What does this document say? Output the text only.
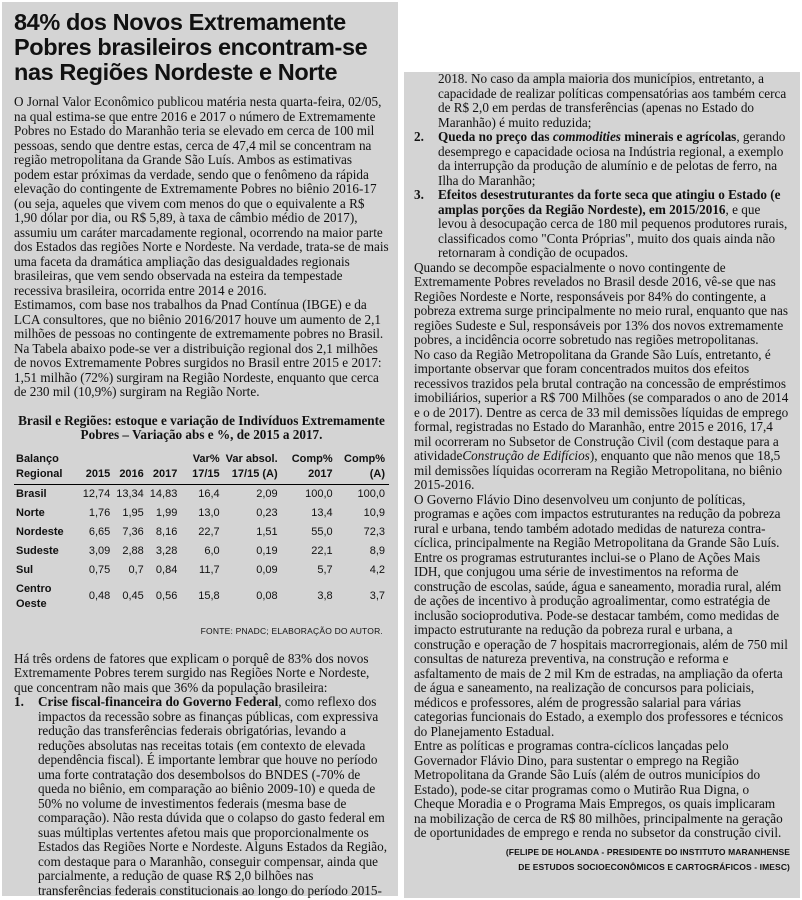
84% dos Novos Extremamente Pobres brasileiros encontram-se nas Regiões Nordeste e Norte

O Jornal Valor Econômico publicou matéria nesta quarta-feira, 02/05, na qual estima-se que entre 2016 e 2017 o número de Extremamente Pobres no Estado do Maranhão teria se elevado em cerca de 100 mil pessoas, sendo que dentre estas, cerca de 47,4 mil se concentram na região metropolitana da Grande São Luís. Ambos as estimativas podem estar próximas da verdade, sendo que o fenômeno da rápida elevação do contingente de Extremamente Pobres no biênio 2016-17 (ou seja, aqueles que vivem com menos do que o equivalente a R$ 1,90 dólar por dia, ou R$ 5,89, à taxa de câmbio médio de 2017), assumiu um caráter marcadamente regional, ocorrendo na maior parte dos Estados das regiões Norte e Nordeste. Na verdade, trata-se de mais uma faceta da dramática ampliação das desigualdades regionais brasileiras, que vem sendo observada na esteira da tempestade recessiva brasileira, ocorrida entre 2014 e 2016.

Estimamos, com base nos trabalhos da Pnad Contínua (IBGE) e da LCA consultores, que no biênio 2016/2017 houve um aumento de 2,1 milhões de pessoas no contingente de extremamente pobres no Brasil. Na Tabela abaixo pode-se ver a distribuição regional dos 2,1 milhões de novos Extremamente Pobres surgidos no Brasil entre 2015 e 2017: 1,51 milhão (72%) surgiram na Região Nordeste, enquanto que cerca de 230 mil (10,9%) surgiram na Região Norte.

Brasil e Regiões: estoque e variação de Indivíduos Extremamente Pobres – Variação abs e %, de 2015 a 2017.
Balanço Regional	2015	2016	2017	Var% 17/15	Var absol. 17/15 (A)	Comp% 2017	Comp% (A)
Brasil	12,74	13,34	14,83	16,4	2,09	100,0	100,0
Norte	1,76	1,95	1,99	13,0	0,23	13,4	10,9
Nordeste	6,65	7,36	8,16	22,7	1,51	55,0	72,3
Sudeste	3,09	2,88	3,28	6,0	0,19	22,1	8,9
Sul	0,75	0,7	0,84	11,7	0,09	5,7	4,2
Centro Oeste	0,48	0,45	0,56	15,8	0,08	3,8	3,7
FONTE: PNADC; ELABORAÇÃO DO AUTOR.

Há três ordens de fatores que explicam o porquê de 83% dos novos Extremamente Pobres terem surgido nas Regiões Norte e Nordeste, que concentram não mais que 36% da população brasileira:

1. Crise fiscal-financeira do Governo Federal, como reflexo dos impactos da recessão sobre as finanças públicas, com expressiva redução das transferências federais obrigatórias, levando a reduções absolutas nas receitas totais (em contexto de elevada dependência fiscal). É importante lembrar que houve no período uma forte contratação dos desembolsos do BNDES (-70% de queda no biênio, em comparação ao biênio 2009-10) e queda de 50% no volume de investimentos federais (mesma base de comparação). Não resta dúvida que o colapso do gasto federal em suas múltiplas vertentes afetou mais que proporcionalmente os Estados das Regiões Norte e Nordeste. Alguns Estados da Região, com destaque para o Maranhão, conseguir compensar, ainda que parcialmente, a redução de quase R$ 2,0 bilhões nas transferências federais constitucionais ao longo do período 2015-
2018. No caso da ampla maioria dos municípios, entretanto, a capacidade de realizar políticas compensatórias aos também cerca de R$ 2,0 em perdas de transferências (apenas no Estado do Maranhão) é muito reduzida;
2. Queda no preço das commodities minerais e agrícolas, gerando desemprego e capacidade ociosa na Indústria regional, a exemplo da interrupção da produção de alumínio e de pelotas de ferro, na Ilha do Maranhão;
3. Efeitos desestruturantes da forte seca que atingiu o Estado (e amplas porções da Região Nordeste), em 2015/2016, e que levou à desocupação cerca de 180 mil pequenos produtores rurais, classificados como "Conta Próprias", muito dos quais ainda não retornaram à condição de ocupados.

Quando se decompõe espacialmente o novo contingente de Extremamente Pobres revelados no Brasil desde 2016, vê-se que nas Regiões Nordeste e Norte, responsáveis por 84% do contingente, a pobreza extrema surge principalmente no meio rural, enquanto que nas regiões Sudeste e Sul, responsáveis por 13% dos novos extremamente pobres, a incidência ocorre sobretudo nas regiões metropolitanas.

No caso da Região Metropolitana da Grande São Luís, entretanto, é importante observar que foram concentrados muitos dos efeitos recessivos trazidos pela brutal contração na concessão de empréstimos imobiliários, superior a R$ 700 Milhões (se comparados o ano de 2014 e o de 2017). Dentre as cerca de 33 mil demissões líquidas de emprego formal, registradas no Estado do Maranhão, entre 2015 e 2016, 17,4 mil ocorreram no Subsetor de Construção Civil (com destaque para a atividadeConstrução de Edifícios), enquanto que não menos que 18,5 mil demissões líquidas ocorreram na Região Metropolitana, no biênio 2015-2016.

O Governo Flávio Dino desenvolveu um conjunto de políticas, programas e ações com impactos estruturantes na redução da pobreza rural e urbana, tendo também adotado medidas de natureza contra-cíclica, principalmente na Região Metropolitana da Grande São Luís. Entre os programas estruturantes inclui-se o Plano de Ações Mais IDH, que conjugou uma série de investimentos na reforma de construção de escolas, saúde, água e saneamento, moradia rural, além de ações de incentivo à produção agroalimentar, como estratégia de inclusão socioprodutiva. Pode-se destacar também, como medidas de impacto estruturante na redução da pobreza rural e urbana, a construção e operação de 7 hospitais macrorregionais, além de 750 mil consultas de natureza preventiva, na construção e reforma e asfaltamento de mais de 2 mil Km de estradas, na ampliação da oferta de água e saneamento, na realização de concursos para policiais, médicos e professores, além de progressão salarial para várias categorias funcionais do Estado, a exemplo dos professores e técnicos do Planejamento Estadual.

Entre as políticas e programas contra-cíclicos lançadas pelo Governador Flávio Dino, para sustentar o emprego na Região Metropolitana da Grande São Luís (além de outros municípios do Estado), pode-se citar programas como o Mutirão Rua Digna, o Cheque Moradia e o Programa Mais Empregos, os quais implicaram na mobilização de cerca de R$ 80 milhões, principalmente na geração de oportunidades de emprego e renda no subsetor da construção civil.

(FELIPE DE HOLANDA - PRESIDENTE DO INSTITUTO MARANHENSE
DE ESTUDOS SOCIOECONÔMICOS E CARTOGRÁFICOS - IMESC)
